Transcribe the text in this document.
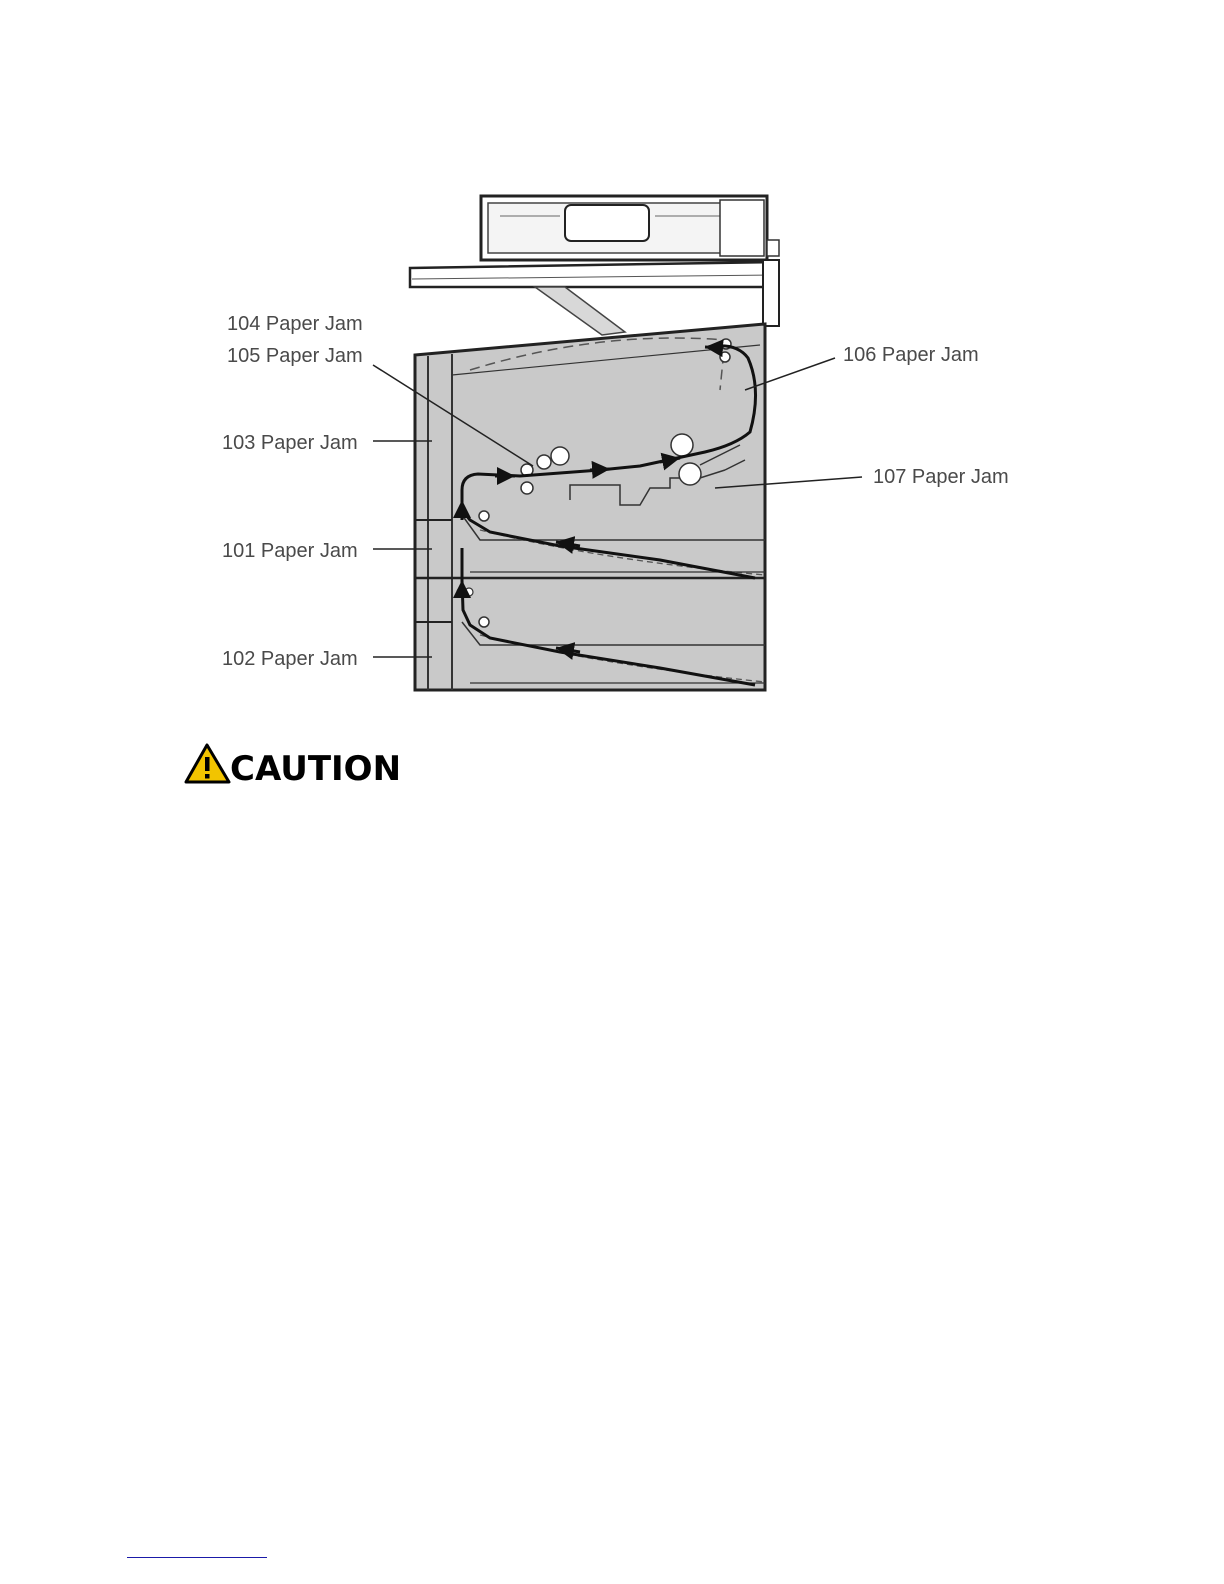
104 Paper Jam
105 Paper Jam
103 Paper Jam
101 Paper Jam
102 Paper Jam
106 Paper Jam
107 Paper Jam
CAUTION
